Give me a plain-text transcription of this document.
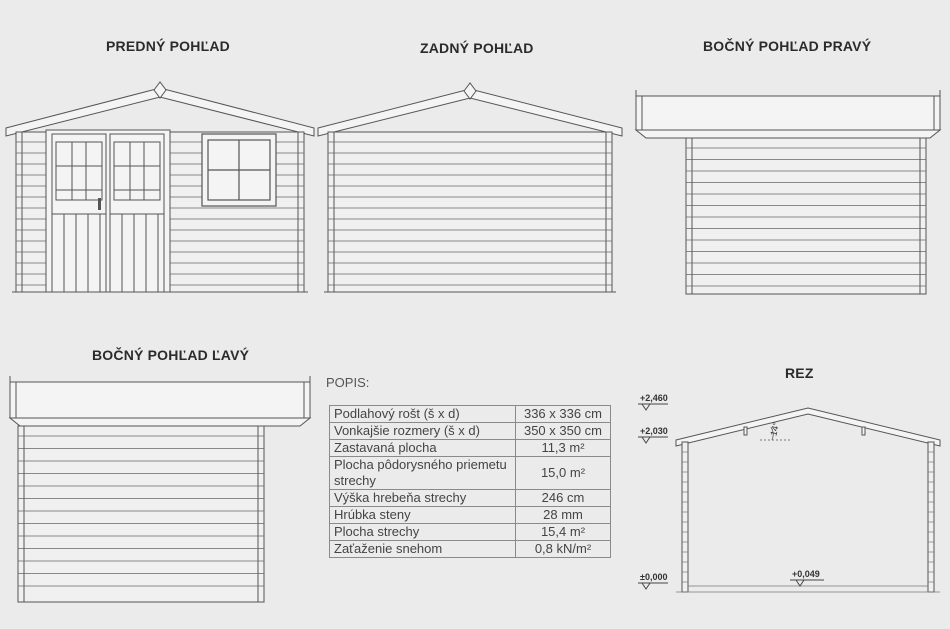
PREDNÝ POHĽAD	ZADNÝ POHĽAD	BOČNÝ POHĽAD PRAVÝ
BOČNÝ POHĽAD ĽAVÝ
REZ
POPIS:
Podlahový rošt (š x d)	336 x 336 cm
Vonkajšie rozmery (š x d)	350 x 350 cm
Zastavaná plocha	11,3 m²
Plocha pôdorysného priemetu strechy	15,0 m²
Výška hrebeňa strechy	246 cm
Hrúbka steny	28 mm
Plocha strechy	15,4 m²
Zaťaženie snehom	0,8 kN/m²
+2,460
+2,030
±0,000	+0,049
14°
